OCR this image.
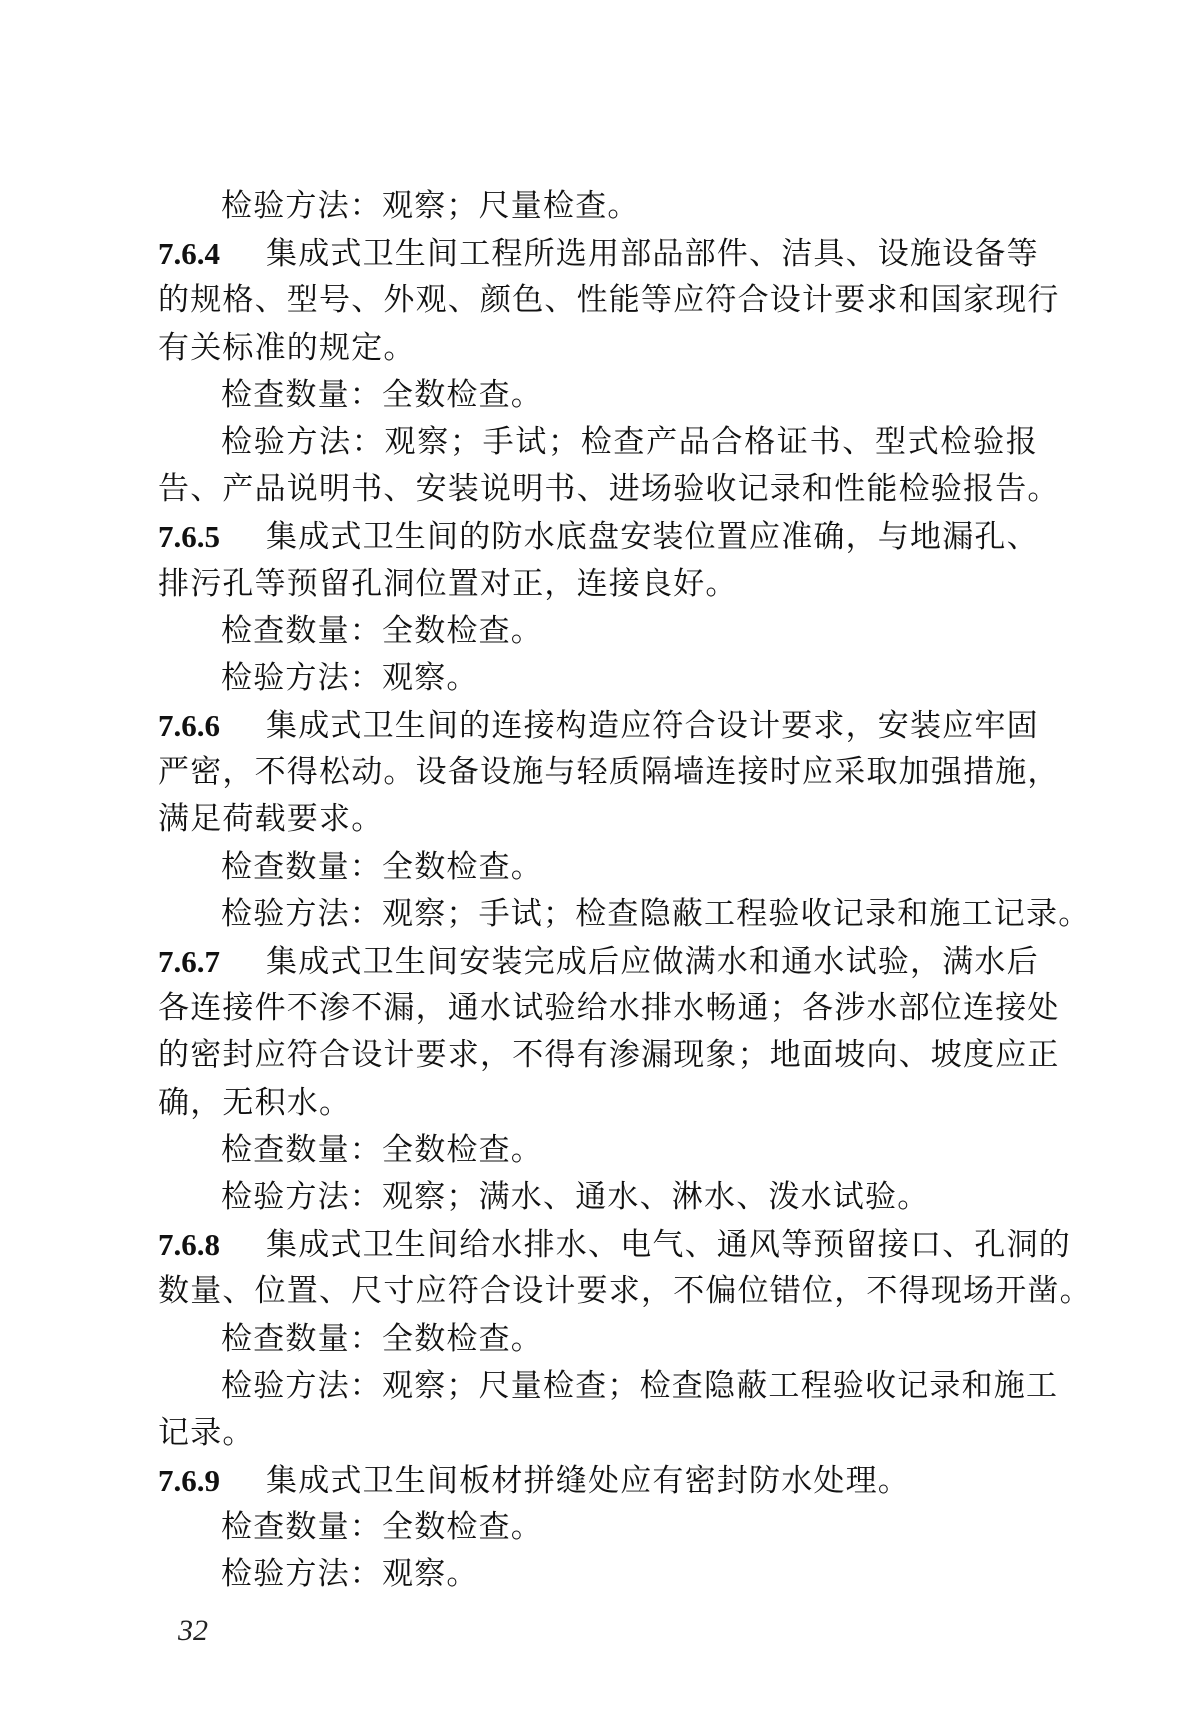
检验方法：观察；尺量检查。
7.6.4 集成式卫生间工程所选用部品部件、洁具、设施设备等
的规格、型号、外观、颜色、性能等应符合设计要求和国家现行
有关标准的规定。
检查数量：全数检查。
检验方法：观察；手试；检查产品合格证书、型式检验报
告、产品说明书、安装说明书、进场验收记录和性能检验报告。
7.6.5 集成式卫生间的防水底盘安装位置应准确，与地漏孔、
排污孔等预留孔洞位置对正，连接良好。
检查数量：全数检查。
检验方法：观察。
7.6.6 集成式卫生间的连接构造应符合设计要求，安装应牢固
严密，不得松动。设备设施与轻质隔墙连接时应采取加强措施，
满足荷载要求。
检查数量：全数检查。
检验方法：观察；手试；检查隐蔽工程验收记录和施工记录。
7.6.7 集成式卫生间安装完成后应做满水和通水试验，满水后
各连接件不渗不漏，通水试验给水排水畅通；各涉水部位连接处
的密封应符合设计要求，不得有渗漏现象；地面坡向、坡度应正
确，无积水。
检查数量：全数检查。
检验方法：观察；满水、通水、淋水、泼水试验。
7.6.8 集成式卫生间给水排水、电气、通风等预留接口、孔洞的
数量、位置、尺寸应符合设计要求，不偏位错位，不得现场开凿。
检查数量：全数检查。
检验方法：观察；尺量检查；检查隐蔽工程验收记录和施工
记录。
7.6.9 集成式卫生间板材拼缝处应有密封防水处理。
检查数量：全数检查。
检验方法：观察。
32
